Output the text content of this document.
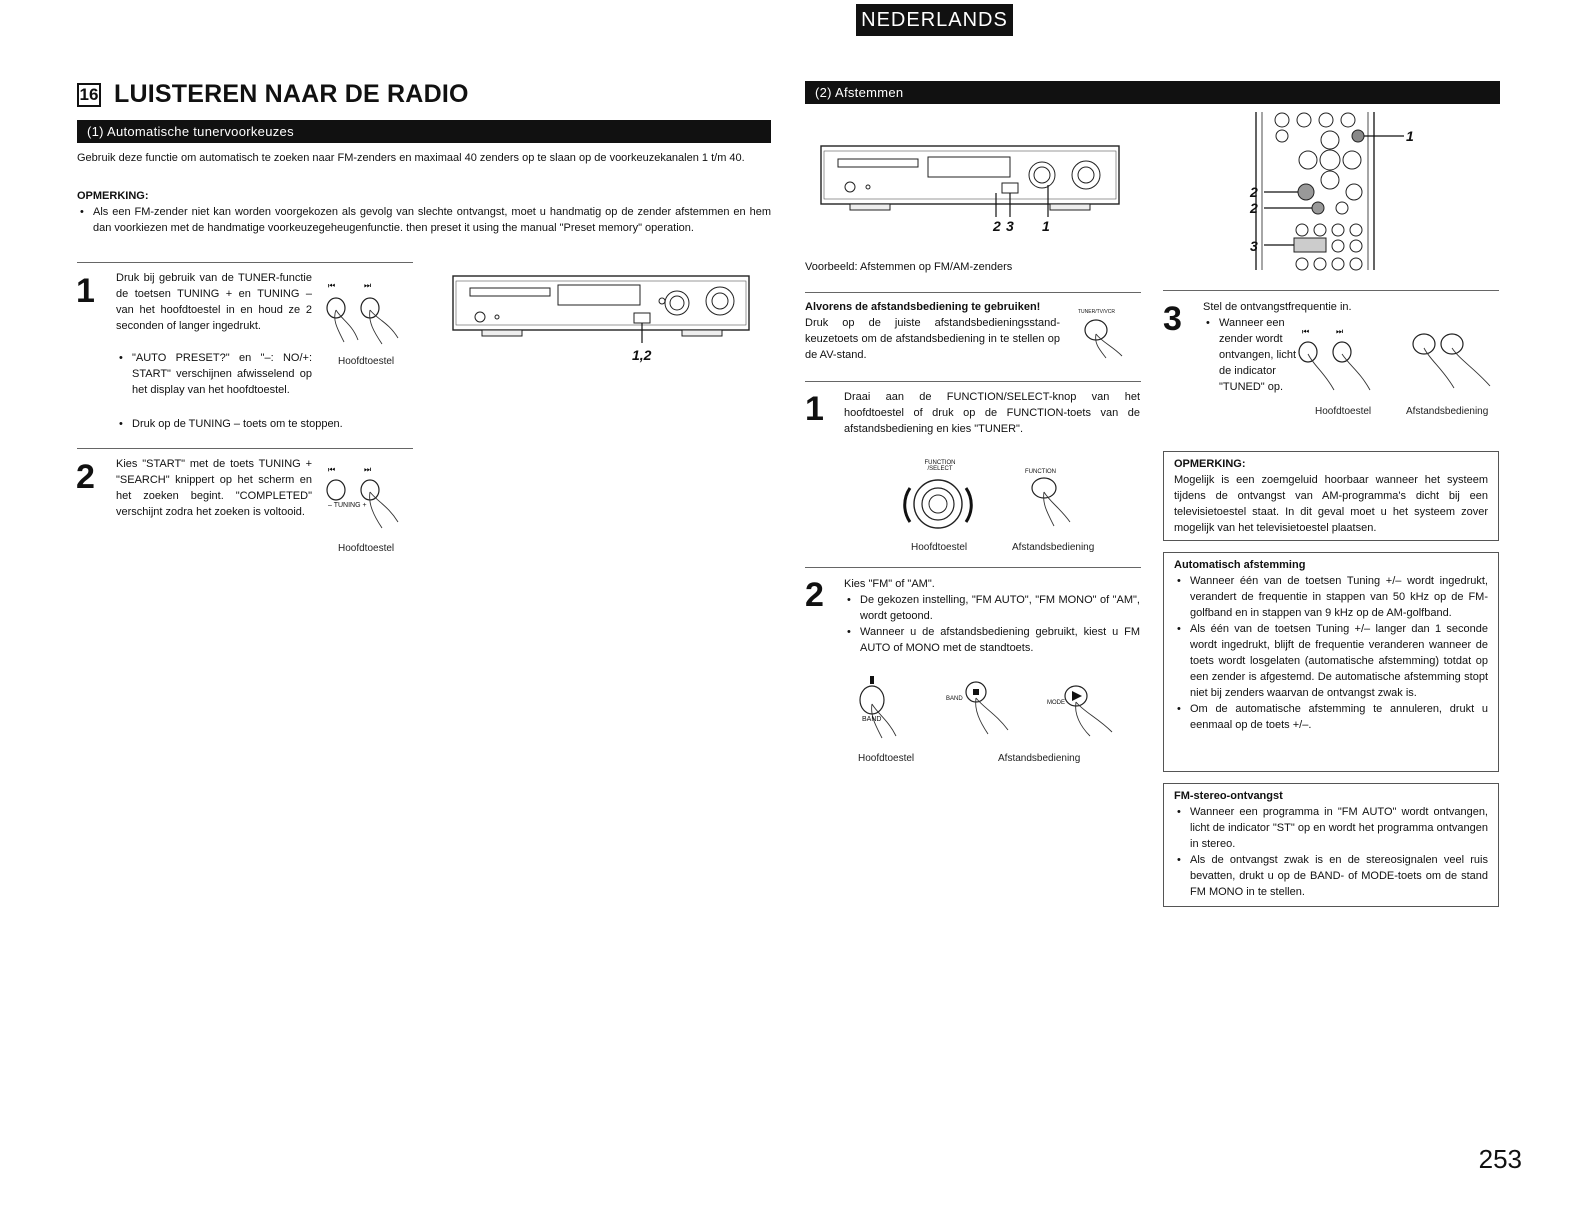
NEDERLANDS
16 LUISTEREN NAAR DE RADIO
(1) Automatische tunervoorkeuzes
Gebruik deze functie om automatisch te zoeken naar FM-zenders en maximaal 40 zenders op te slaan op de voorkeuzekanalen 1 t/m 40.
OPMERKING:
• Als een FM-zender niet kan worden voorgekozen als gevolg van slechte ontvangst, moet u handmatig op de zender afstemmen en hem dan voorkiezen met de handmatige voorkeuzegeheugenfunctie. then preset it using the manual "Preset memory" operation.
1 Druk bij gebruik van de TUNER-functie de toetsen TUNING + en TUNING – van het hoofdtoestel in en houd ze 2 seconden of langer ingedrukt.
• "AUTO PRESET?" en "–: NO/+: START" verschijnen afwisselend op het display van het hoofdtoestel.
• Druk op de TUNING – toets om te stoppen.
⏮	⏭
Hoofdtoestel	1,2
2 Kies "START" met de toets TUNING + "SEARCH" knippert op het scherm en het zoeken begint. "COMPLETED" verschijnt zodra het zoeken is voltooid.
⏮	⏭
– TUNING +
Hoofdtoestel
(2) Afstemmen
2 3 1
Voorbeeld: Afstemmen op FM/AM-zenders
Alvorens de afstandsbediening te gebruiken!
Druk op de juiste afstandsbedieningsstand-keuzetoets om de afstandsbediening in te stellen op de AV-stand.
TUNER/TV/VCR
1 Draai aan de FUNCTION/SELECT-knop van het hoofdtoestel of druk op de FUNCTION-toets van de afstandsbediening en kies "TUNER".
FUNCTION /SELECT	FUNCTION
Hoofdtoestel	Afstandsbediening
2 Kies "FM" of "AM".
• De gekozen instelling, "FM AUTO", "FM MONO" of "AM", wordt getoond.
• Wanneer u de afstandsbediening gebruikt, kiest u FM AUTO of MONO met de standtoets.
BAND
BAND
MODE
Hoofdtoestel	Afstandsbediening
1
2
2
3
3 Stel de ontvangstfrequentie in.
• Wanneer een zender wordt ontvangen, licht de indicator "TUNED" op.
⏮	⏭
Hoofdtoestel	Afstandsbediening
OPMERKING:
Mogelijk is een zoemgeluid hoorbaar wanneer het systeem tijdens de ontvangst van AM-programma's dicht bij een televisietoestel staat. In dit geval moet u het systeem zover mogelijk van het televisietoestel plaatsen.
Automatisch afstemming
• Wanneer één van de toetsen Tuning +/– wordt ingedrukt, verandert de frequentie in stappen van 50 kHz op de FM-golfband en in stappen van 9 kHz op de AM-golfband.
• Als één van de toetsen Tuning +/– langer dan 1 seconde wordt ingedrukt, blijft de frequentie veranderen wanneer de toets wordt losgelaten (automatische afstemming) totdat op een zender is afgestemd. De automatische afstemming stopt niet bij zenders waarvan de ontvangst zwak is.
• Om de automatische afstemming te annuleren, drukt u eenmaal op de toets +/–.
FM-stereo-ontvangst
• Wanneer een programma in "FM AUTO" wordt ontvangen, licht de indicator "ST" op en wordt het programma ontvangen in stereo.
• Als de ontvangst zwak is en de stereosignalen veel ruis bevatten, drukt u op de BAND- of MODE-toets om de stand FM MONO in te stellen.
253
